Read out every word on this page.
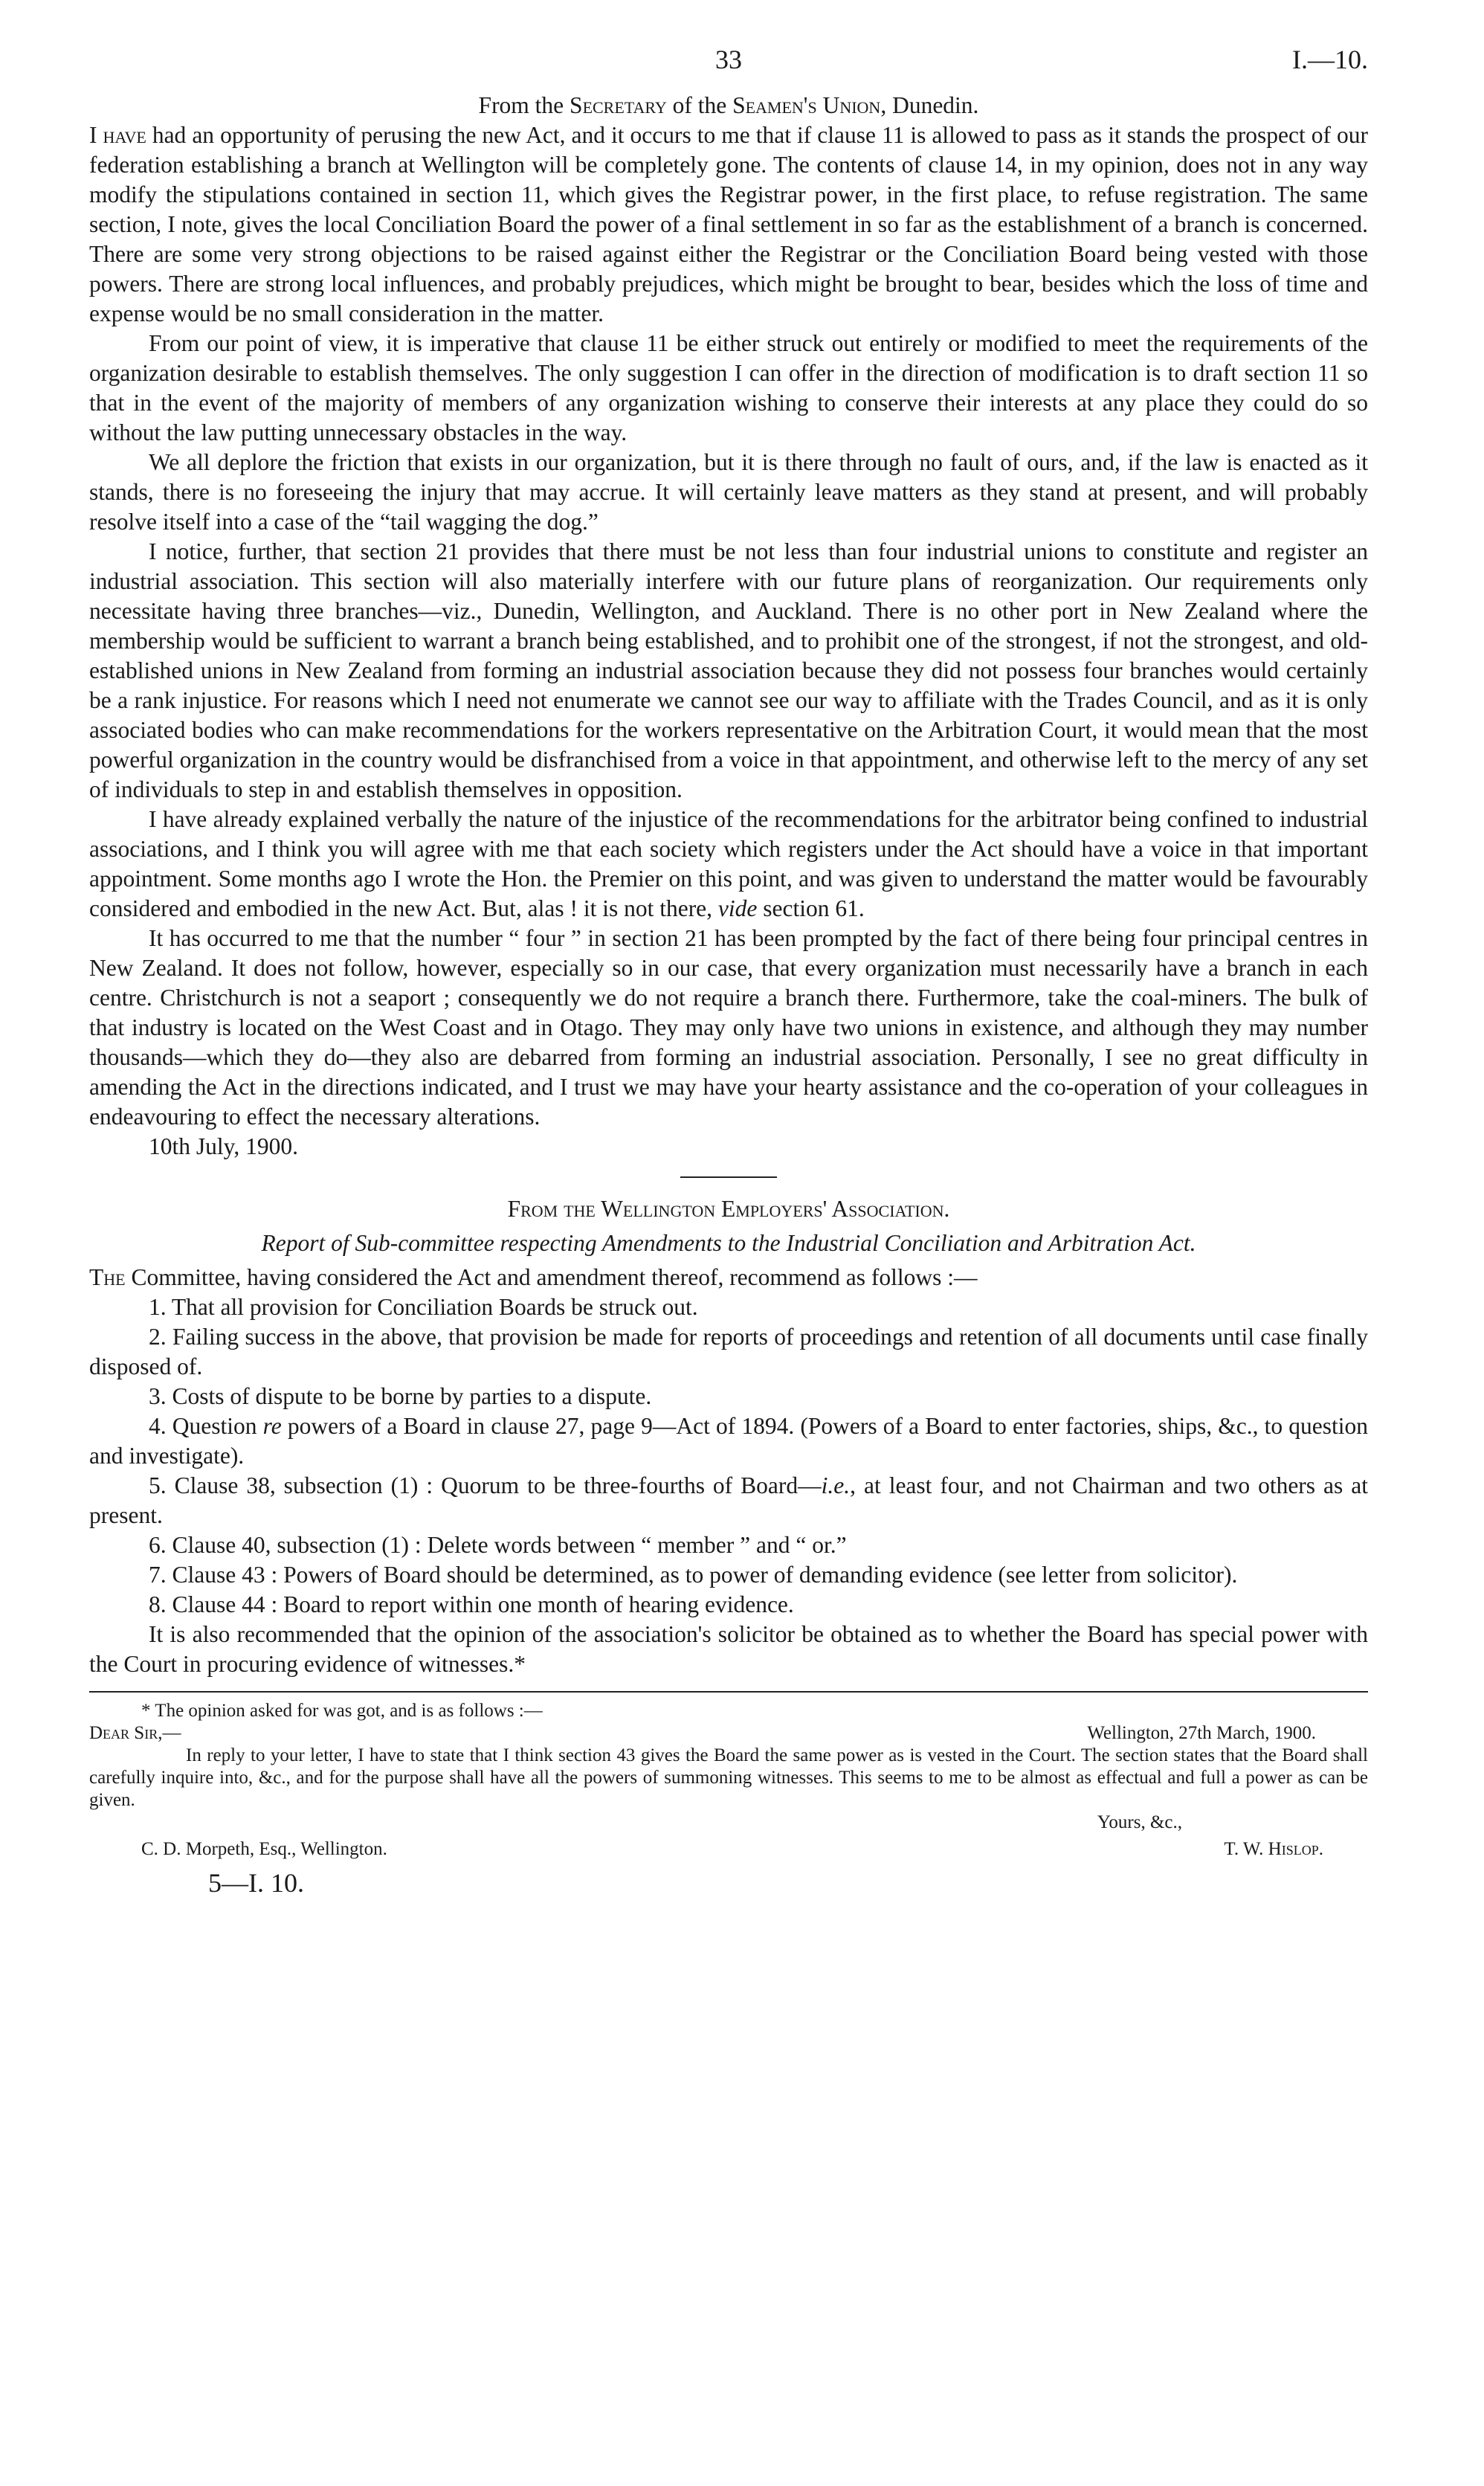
33	I.—10.
From the Secretary of the Seamen's Union, Dunedin.

I have had an opportunity of perusing the new Act, and it occurs to me that if clause 11 is allowed to pass as it stands the prospect of our federation establishing a branch at Wellington will be completely gone. The contents of clause 14, in my opinion, does not in any way modify the stipulations contained in section 11, which gives the Registrar power, in the first place, to refuse registration. The same section, I note, gives the local Conciliation Board the power of a final settlement in so far as the establishment of a branch is concerned. There are some very strong objections to be raised against either the Registrar or the Conciliation Board being vested with those powers. There are strong local influences, and probably prejudices, which might be brought to bear, besides which the loss of time and expense would be no small consideration in the matter.

From our point of view, it is imperative that clause 11 be either struck out entirely or modified to meet the requirements of the organization desirable to establish themselves. The only suggestion I can offer in the direction of modification is to draft section 11 so that in the event of the majority of members of any organization wishing to conserve their interests at any place they could do so without the law putting unnecessary obstacles in the way.

We all deplore the friction that exists in our organization, but it is there through no fault of ours, and, if the law is enacted as it stands, there is no foreseeing the injury that may accrue. It will certainly leave matters as they stand at present, and will probably resolve itself into a case of the “tail wagging the dog.”

I notice, further, that section 21 provides that there must be not less than four industrial unions to constitute and register an industrial association. This section will also materially interfere with our future plans of reorganization. Our requirements only necessitate having three branches—viz., Dunedin, Wellington, and Auckland. There is no other port in New Zealand where the membership would be sufficient to warrant a branch being established, and to prohibit one of the strongest, if not the strongest, and old-established unions in New Zealand from forming an industrial association because they did not possess four branches would certainly be a rank injustice. For reasons which I need not enumerate we cannot see our way to affiliate with the Trades Council, and as it is only associated bodies who can make recommendations for the workers representative on the Arbitration Court, it would mean that the most powerful organization in the country would be disfranchised from a voice in that appointment, and otherwise left to the mercy of any set of individuals to step in and establish themselves in opposition.

I have already explained verbally the nature of the injustice of the recommendations for the arbitrator being confined to industrial associations, and I think you will agree with me that each society which registers under the Act should have a voice in that important appointment. Some months ago I wrote the Hon. the Premier on this point, and was given to understand the matter would be favourably considered and embodied in the new Act. But, alas ! it is not there, vide section 61.

It has occurred to me that the number “ four ” in section 21 has been prompted by the fact of there being four principal centres in New Zealand. It does not follow, however, especially so in our case, that every organization must necessarily have a branch in each centre. Christchurch is not a seaport ; consequently we do not require a branch there. Furthermore, take the coal-miners. The bulk of that industry is located on the West Coast and in Otago. They may only have two unions in existence, and although they may number thousands—which they do—they also are debarred from forming an industrial association. Personally, I see no great difficulty in amending the Act in the directions indicated, and I trust we may have your hearty assistance and the co-operation of your colleagues in endeavouring to effect the necessary alterations.

10th July, 1900.
From the Wellington Employers' Association.
Report of Sub-committee respecting Amendments to the Industrial Conciliation and Arbitration Act.

The Committee, having considered the Act and amendment thereof, recommend as follows :—

1. That all provision for Conciliation Boards be struck out.

2. Failing success in the above, that provision be made for reports of proceedings and retention of all documents until case finally disposed of.

3. Costs of dispute to be borne by parties to a dispute.

4. Question re powers of a Board in clause 27, page 9—Act of 1894. (Powers of a Board to enter factories, ships, &c., to question and investigate).

5. Clause 38, subsection (1) : Quorum to be three-fourths of Board—i.e., at least four, and not Chairman and two others as at present.

6. Clause 40, subsection (1) : Delete words between “ member ” and “ or.”

7. Clause 43 : Powers of Board should be determined, as to power of demanding evidence (see letter from solicitor).

8. Clause 44 : Board to report within one month of hearing evidence.

It is also recommended that the opinion of the association's solicitor be obtained as to whether the Board has special power with the Court in procuring evidence of witnesses.*

* The opinion asked for was got, and is as follows :—
Dear Sir,—	Wellington, 27th March, 1900.
In reply to your letter, I have to state that I think section 43 gives the Board the same power as is vested in the Court. The section states that the Board shall carefully inquire into, &c., and for the purpose shall have all the powers of summoning witnesses. This seems to me to be almost as effectual and full a power as can be given.
Yours, &c.,
C. D. Morpeth, Esq., Wellington.	T. W. Hislop.
5—I. 10.
